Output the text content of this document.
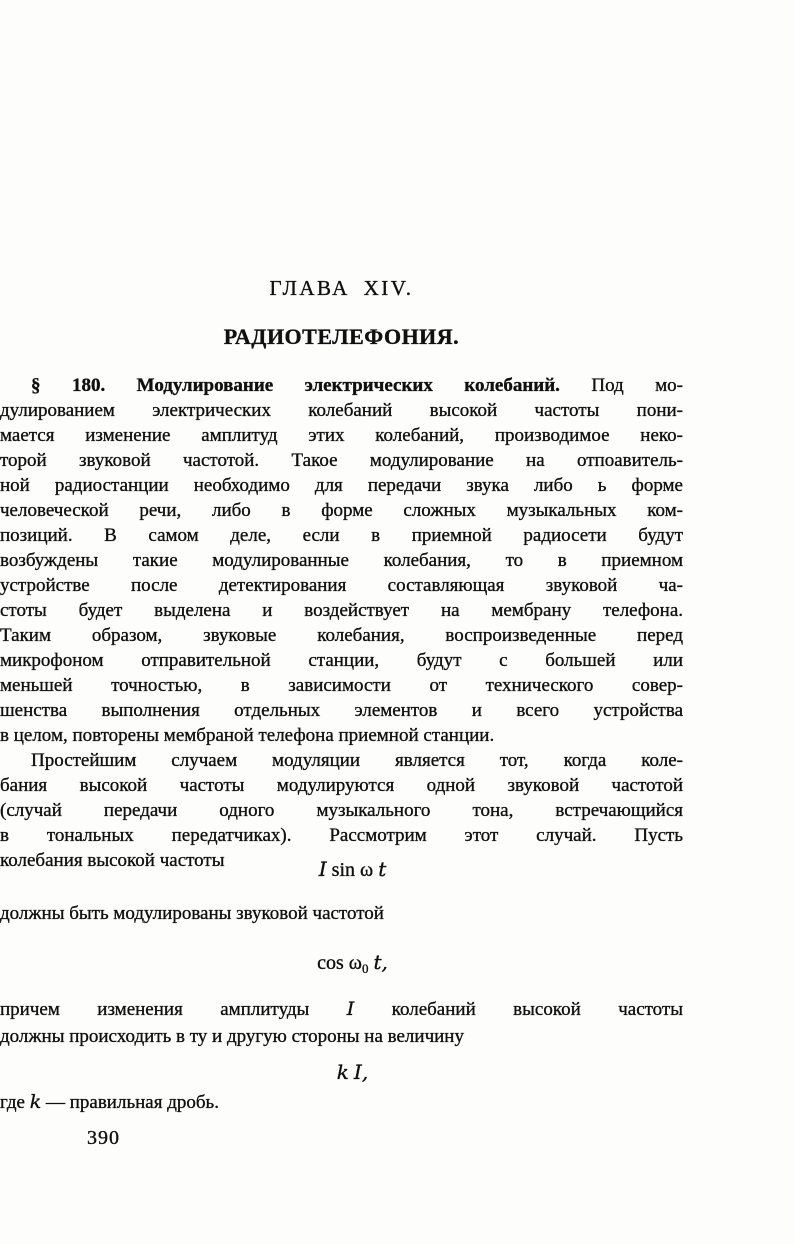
ГЛАВА XIV.
РАДИОТЕЛЕФОНИЯ.
§ 180. Модулирование электрических колебаний. Под мо-
дулированием электрических колебаний высокой частоты пони-
мается изменение амплитуд этих колебаний, производимое неко-
торой звуковой частотой. Такое модулирование на отпоавитель-
ной радиостанции необходимо для передачи звука либо ь форме
человеческой речи, либо в форме сложных музыкальных ком-
позиций. В самом деле, если в приемной радиосети будут
возбуждены такие модулированные колебания, то в приемном
устройстве после детектирования составляющая звуковой ча-
стоты будет выделена и воздействует на мембрану телефона.
Таким образом, звуковые колебания, воспроизведенные перед
микрофоном отправительной станции, будут с большей или
меньшей точностью, в зависимости от технического совер-
шенства выполнения отдельных элементов и всего устройства
в целом, повторены мембраной телефона приемной станции.
Простейшим случаем модуляции является тот, когда коле-
бания высокой частоты модулируются одной звуковой частотой
(случай передачи одного музыкального тона, встречающийся
в тональных передатчиках). Рассмотрим этот случай. Пусть
колебания высокой частоты	I sin ω t
должны быть модулированы звуковой частотой
$\cos \omega_0$ t,
причем изменения амплитуды I колебаний высокой частоты
должны происходить в ту и другую стороны на величину
k I,
где k — правильная дробь.
390
